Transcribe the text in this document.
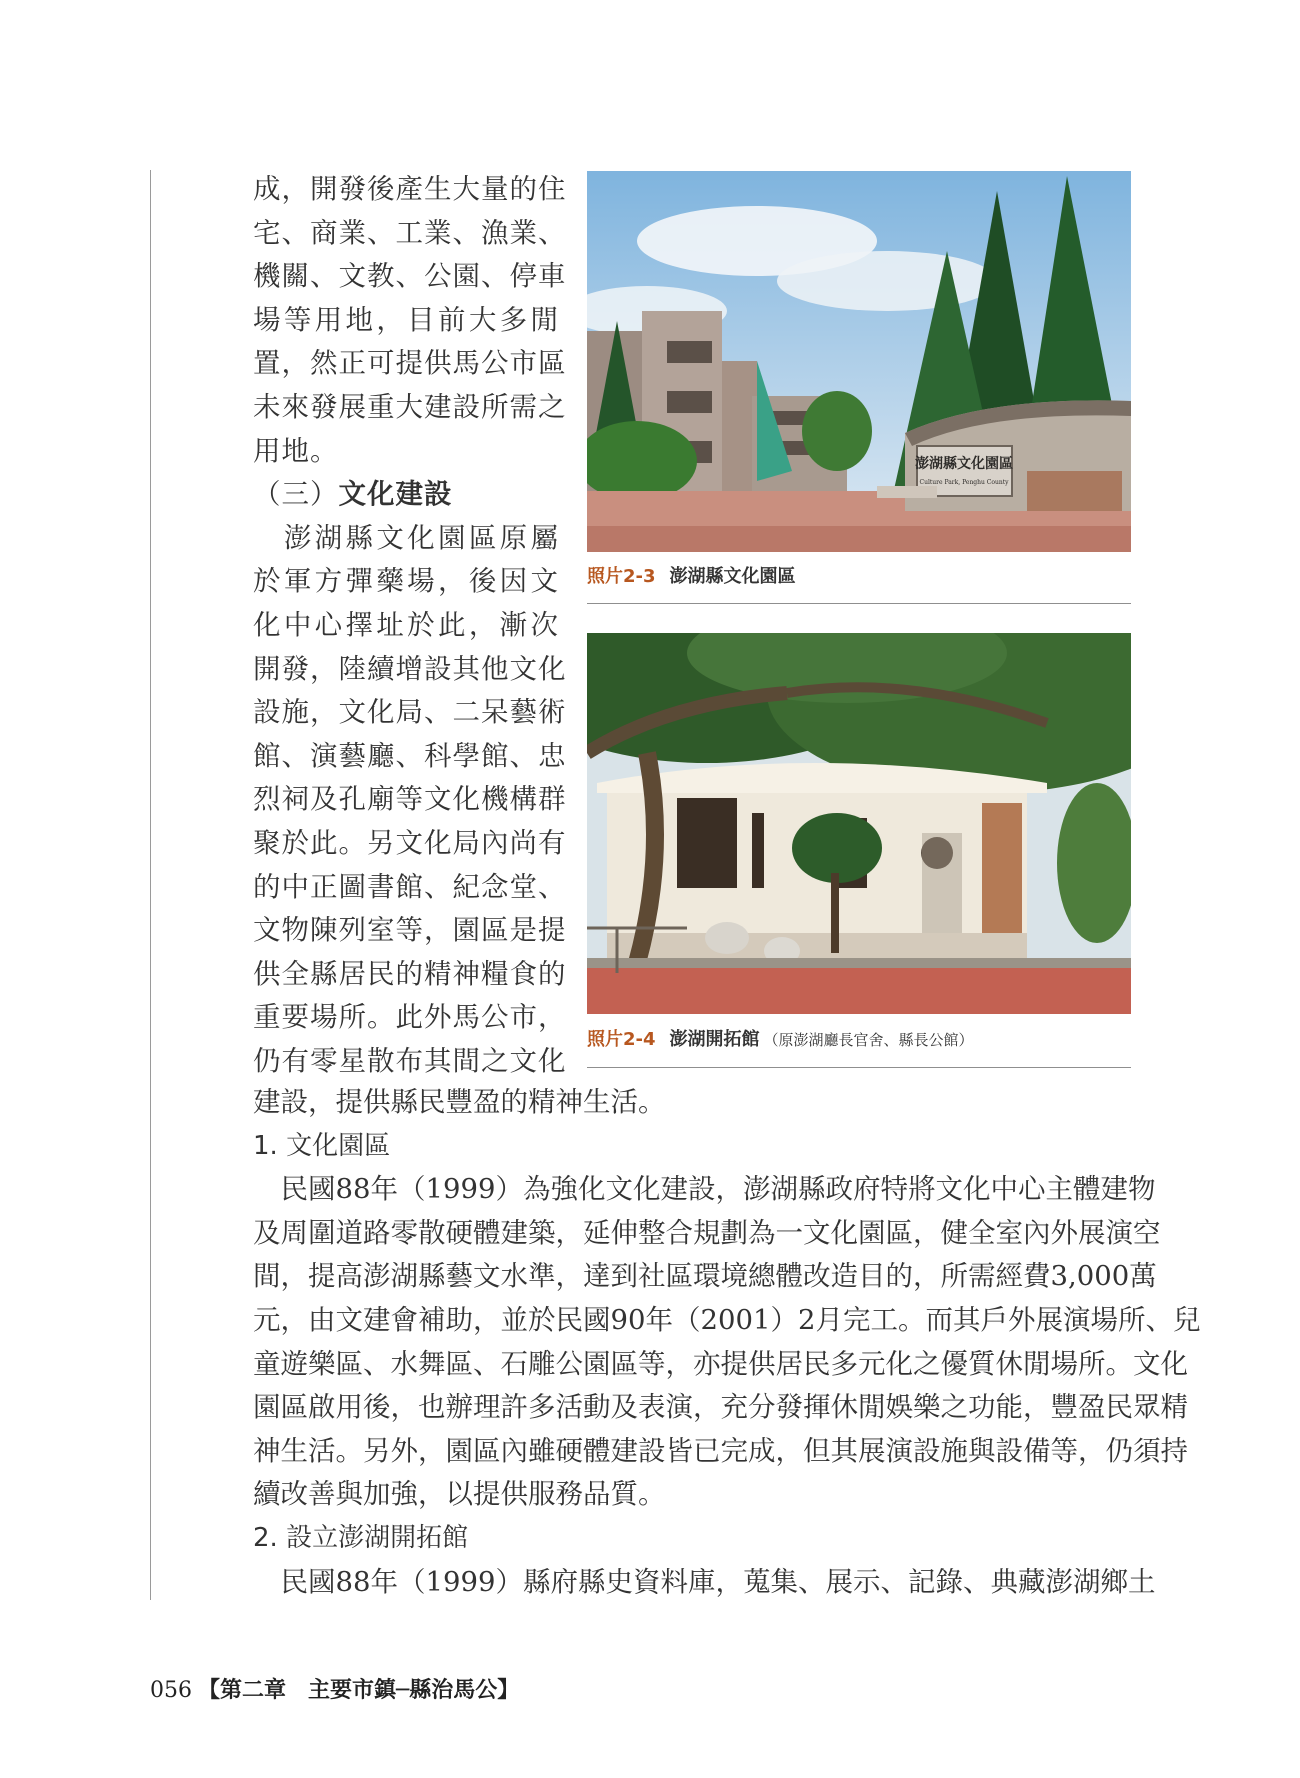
成，開發後產生大量的住
宅、商業、工業、漁業、
機關、文教、公園、停車
場等用地，目前大多閒
置，然正可提供馬公市區
未來發展重大建設所需之
用地。
（三）文化建設
　澎湖縣文化園區原屬
於軍方彈藥場，後因文
化中心擇址於此，漸次
開發，陸續增設其他文化
設施，文化局、二呆藝術
館、演藝廳、科學館、忠
烈祠及孔廟等文化機構群
聚於此。另文化局內尚有
的中正圖書館、紀念堂、
文物陳列室等，園區是提
供全縣居民的精神糧食的
重要場所。此外馬公市，
仍有零星散布其間之文化
澎湖縣文化園區
Culture Park, Penghu County
照片2-3 澎湖縣文化園區
照片2-4 澎湖開拓館 （原澎湖廳長官舍、縣長公館）
建設，提供縣民豐盈的精神生活。
1. 文化園區
　民國88年（1999）為強化文化建設，澎湖縣政府特將文化中心主體建物
及周圍道路零散硬體建築，延伸整合規劃為一文化園區，健全室內外展演空
間，提高澎湖縣藝文水準，達到社區環境總體改造目的，所需經費3,000萬
元，由文建會補助，並於民國90年（2001）2月完工。而其戶外展演場所、兒
童遊樂區、水舞區、石雕公園區等，亦提供居民多元化之優質休閒場所。文化
園區啟用後，也辦理許多活動及表演，充分發揮休閒娛樂之功能，豐盈民眾精
神生活。另外，園區內雖硬體建設皆已完成，但其展演設施與設備等，仍須持
續改善與加強，以提供服務品質。
2. 設立澎湖開拓館
　民國88年（1999）縣府縣史資料庫，蒐集、展示、記錄、典藏澎湖鄉土
056 【第二章　主要市鎮─縣治馬公】
